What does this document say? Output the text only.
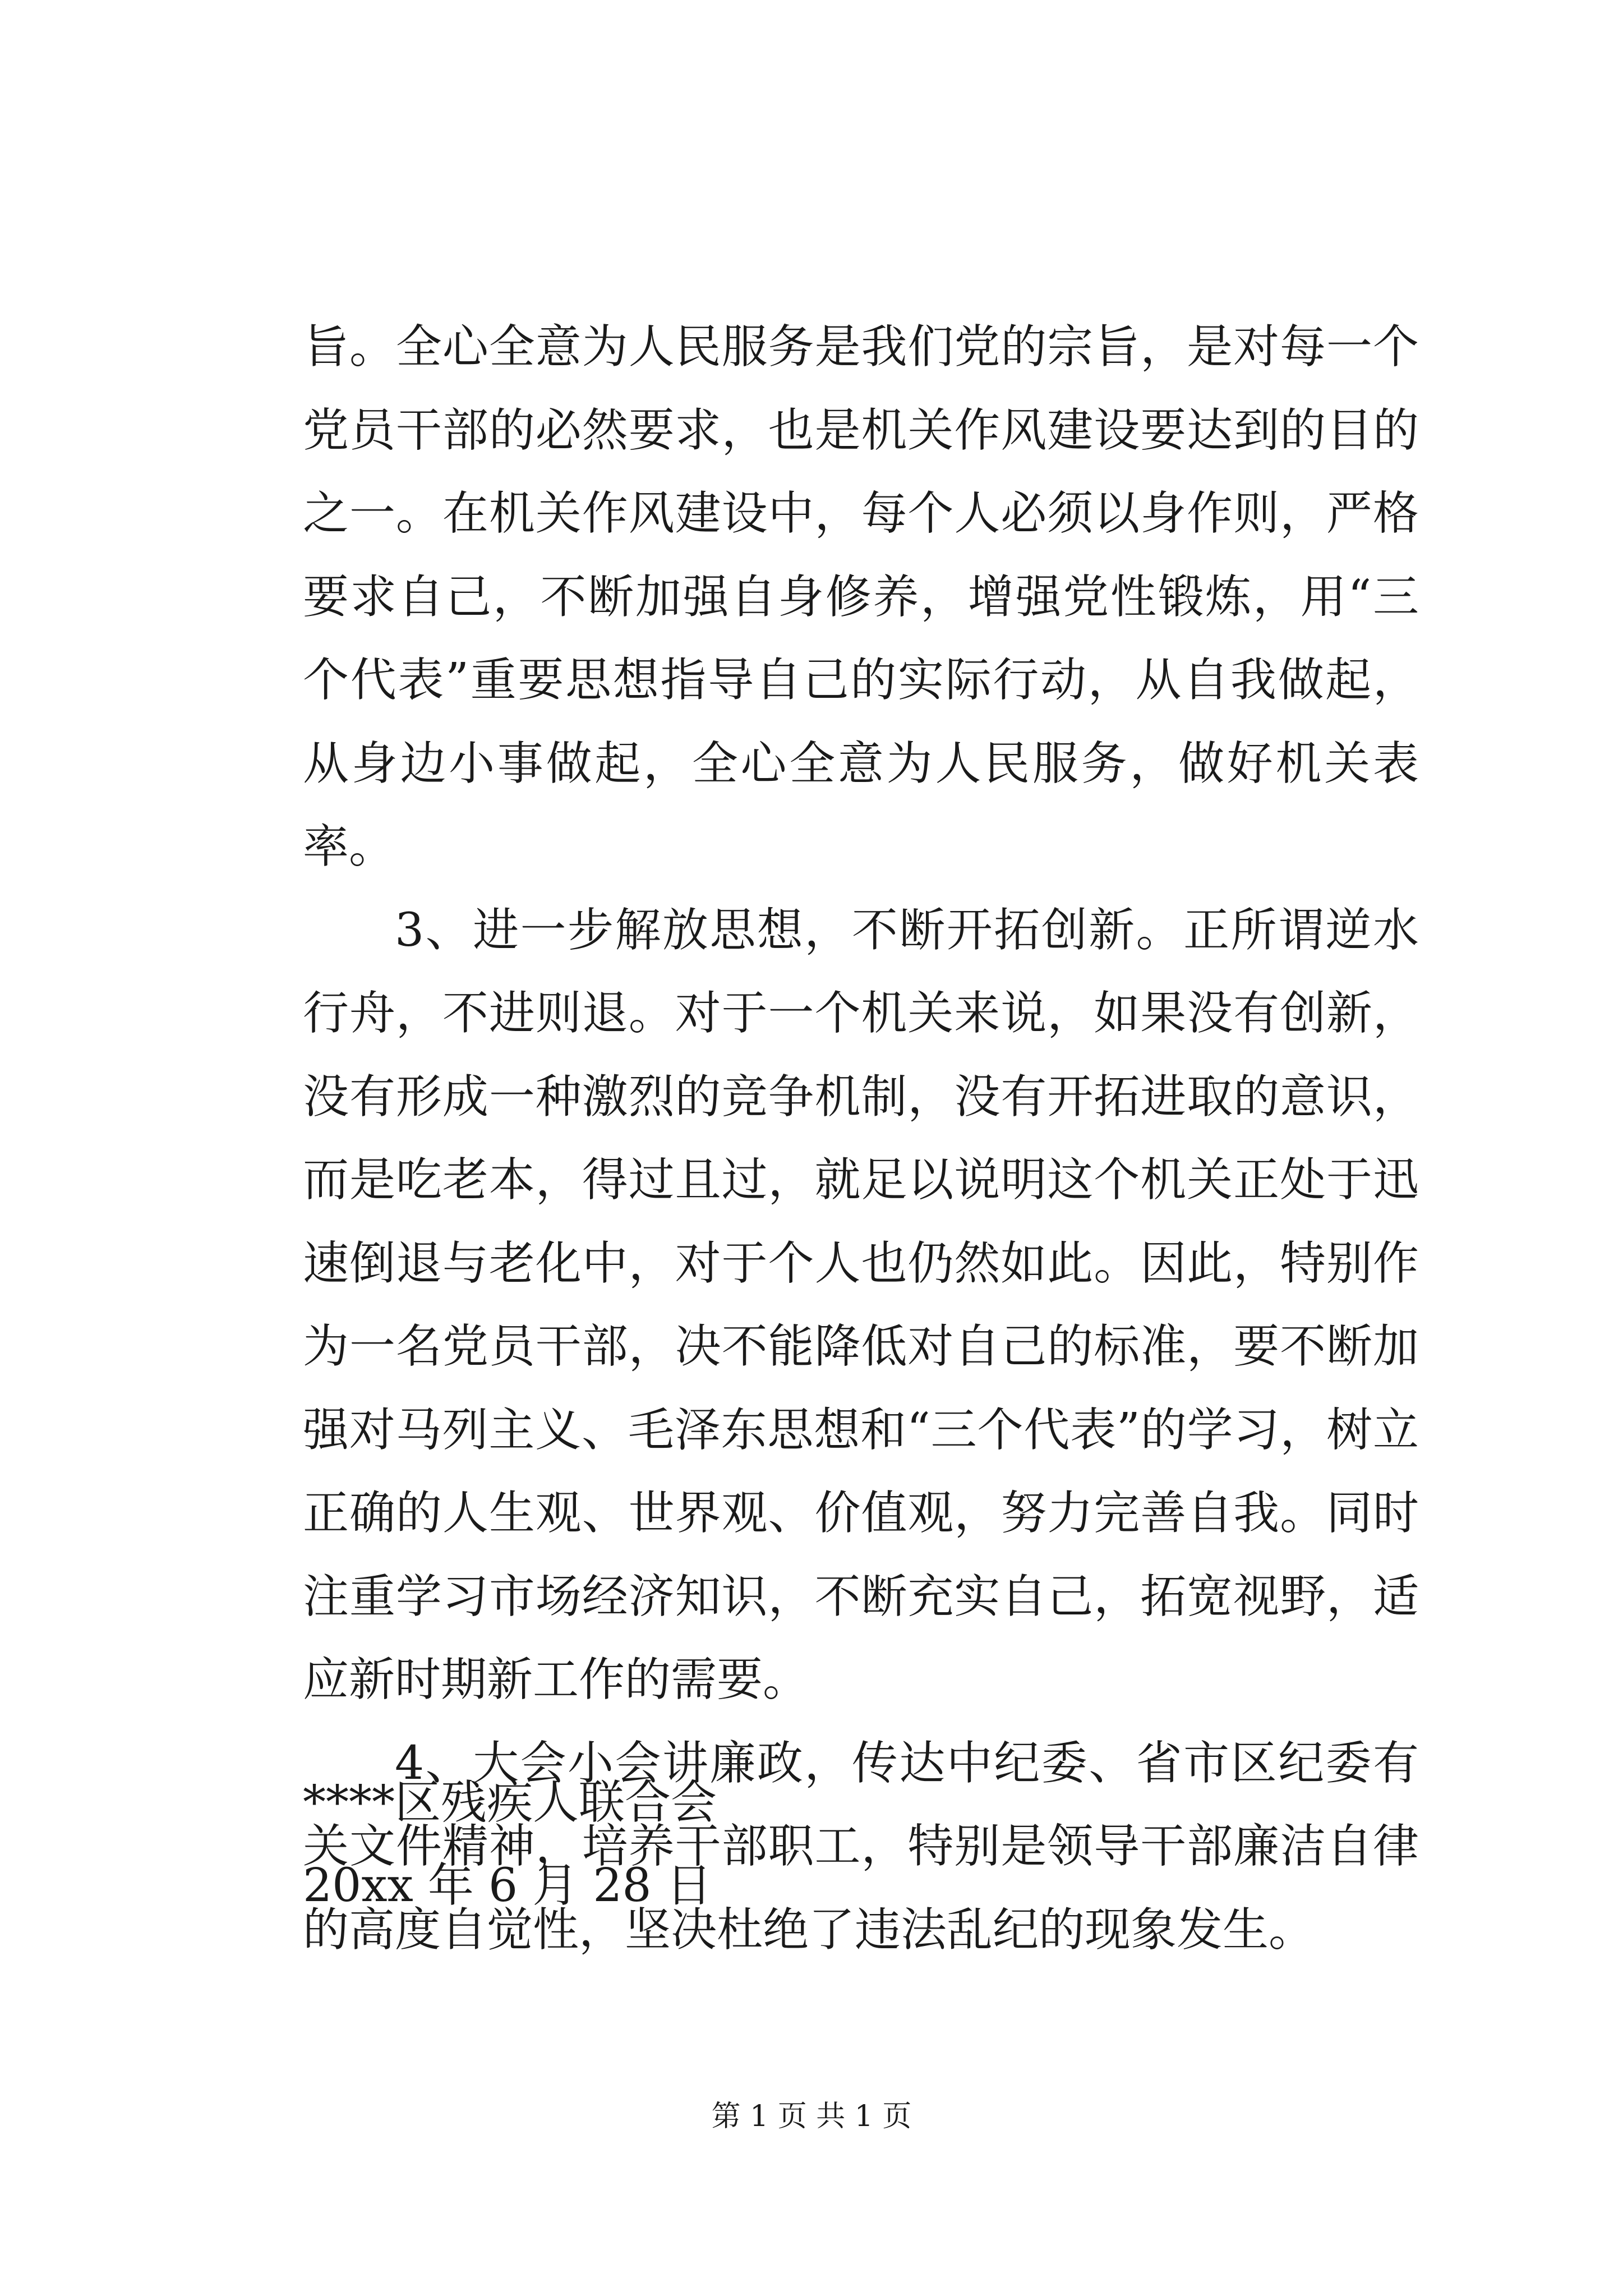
旨。全心全意为人民服务是我们党的宗旨，是对每一个党员干部的必然要求，也是机关作风建设要达到的目的之一。在机关作风建设中，每个人必须以身作则，严格要求自己，不断加强自身修养，增强党性锻炼，用“三个代表”重要思想指导自己的实际行动，从自我做起，从身边小事做起，全心全意为人民服务，做好机关表率。

3、进一步解放思想，不断开拓创新。正所谓逆水行舟，不进则退。对于一个机关来说，如果没有创新，没有形成一种激烈的竞争机制，没有开拓进取的意识，而是吃老本，得过且过，就足以说明这个机关正处于迅速倒退与老化中，对于个人也仍然如此。因此，特别作为一名党员干部，决不能降低对自己的标准，要不断加强对马列主义、毛泽东思想和“三个代表”的学习，树立正确的人生观、世界观、价值观，努力完善自我。同时注重学习市场经济知识，不断充实自己，拓宽视野，适应新时期新工作的需要。

4、大会小会讲廉政，传达中纪委、省市区纪委有关文件精神，培养干部职工，特别是领导干部廉洁自律的高度自觉性，坚决杜绝了违法乱纪的现象发生。

****区残疾人联合会
20xx 年 6 月 28 日
第 1 页 共 1 页
